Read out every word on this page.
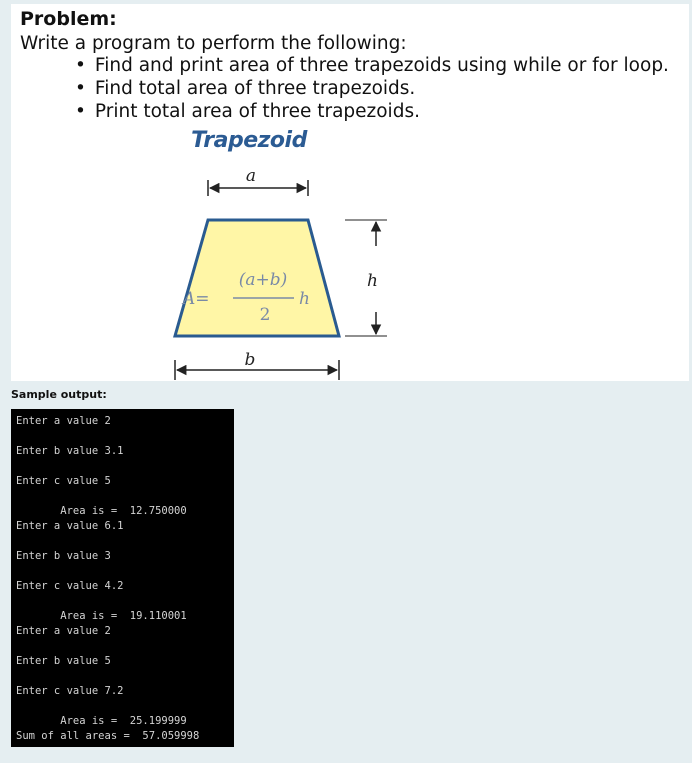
Problem:

Write a program to perform the following:

• Find and print area of three trapezoids using while or for loop.
• Find total area of three trapezoids.
• Print total area of three trapezoids.
Trapezoid
a
A=
(a+b)
2
h
h
b
Sample output:

Enter a value 2

Enter b value 3.1

Enter c value 5

Area is =  12.750000

Enter a value 6.1

Enter b value 3

Enter c value 4.2

Area is =  19.110001

Enter a value 2

Enter b value 5

Enter c value 7.2

Area is =  25.199999

Sum of all areas =  57.059998
